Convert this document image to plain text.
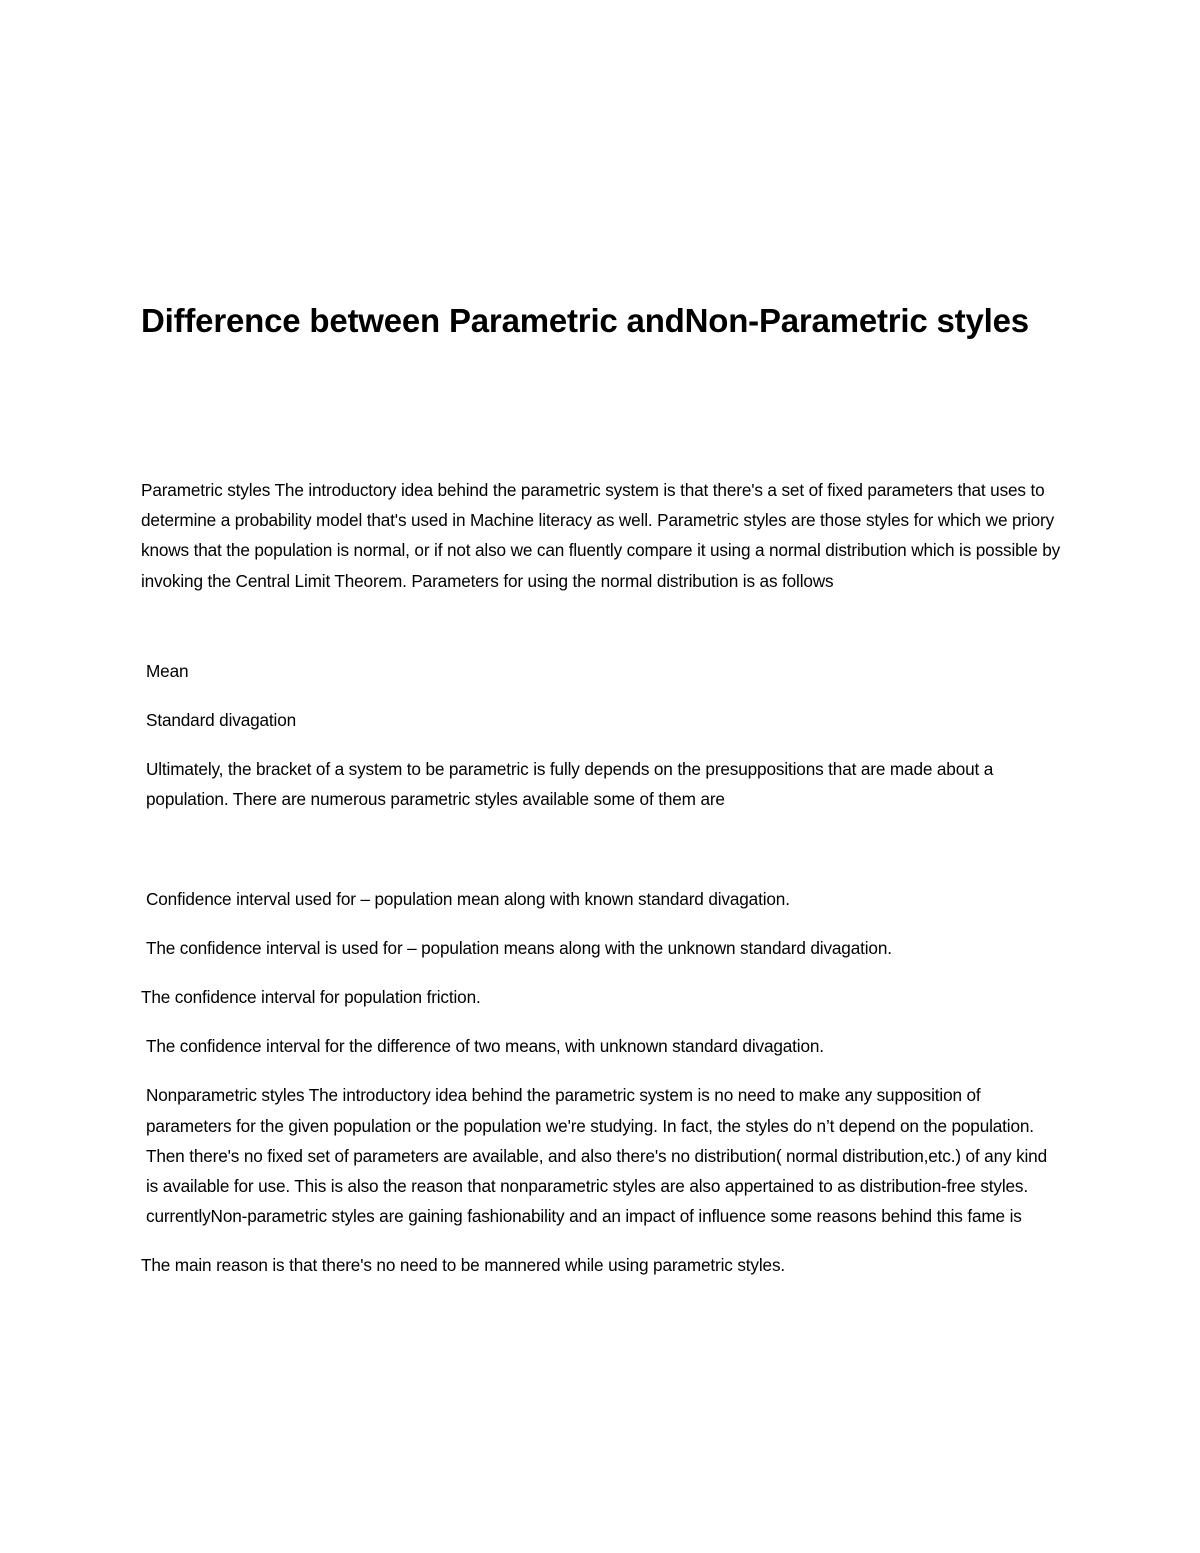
Difference between Parametric andNon-Parametric styles

Parametric styles The introductory idea behind the parametric system is that there's a set of fixed parameters that uses to determine a probability model that's used in Machine literacy as well. Parametric styles are those styles for which we priory knows that the population is normal, or if not also we can fluently compare it using a normal distribution which is possible by invoking the Central Limit Theorem. Parameters for using the normal distribution is as follows

Mean

Standard divagation

Ultimately, the bracket of a system to be parametric is fully depends on the presuppositions that are made about a population. There are numerous parametric styles available some of them are

Confidence interval used for – population mean along with known standard divagation.

The confidence interval is used for – population means along with the unknown standard divagation.

The confidence interval for population friction.

The confidence interval for the difference of two means, with unknown standard divagation.

Nonparametric styles The introductory idea behind the parametric system is no need to make any supposition of parameters for the given population or the population we're studying. In fact, the styles do n’t depend on the population. Then there's no fixed set of parameters are available, and also there's no distribution( normal distribution,etc.) of any kind is available for use. This is also the reason that nonparametric styles are also appertained to as distribution-free styles. currentlyNon-parametric styles are gaining fashionability and an impact of influence some reasons behind this fame is

The main reason is that there's no need to be mannered while using parametric styles.
